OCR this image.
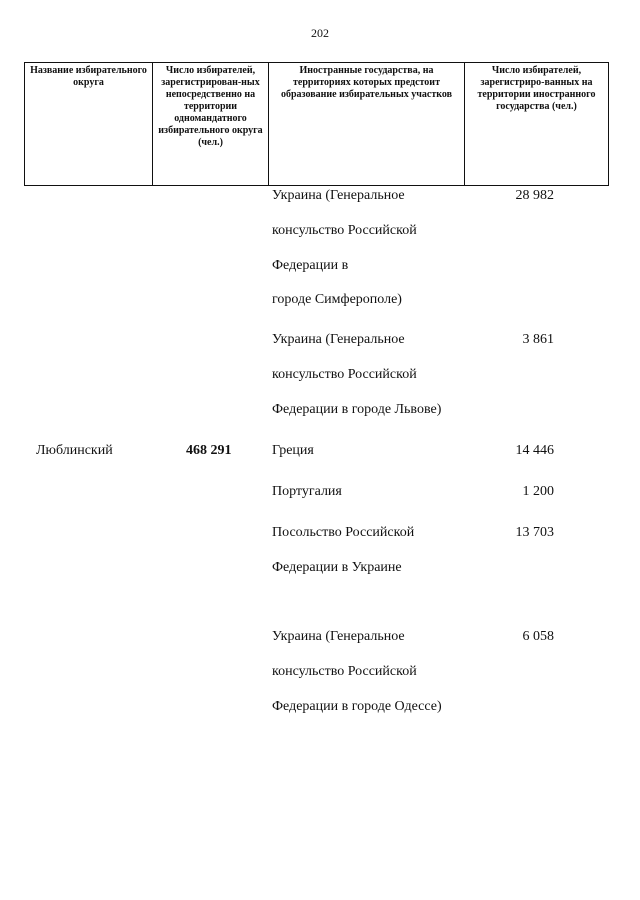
202
Название избирательного округа	Число избирателей, зарегистрирован-ных непосредственно на территории одномандатного избирательного округа (чел.)	Иностранные государства, на территориях которых предстоит образование избирательных участков	Число избирателей, зарегистриро-ванных на территории иностранного государства (чел.)
Украина (Генеральное
консульство Российской
Федерации в
городе Симферополе)
28 982
Украина (Генеральное
консульство Российской
Федерации в городе Львове)
3 861
Люблинский	468 291	Греция	14 446
Португалия	1 200
Посольство Российской
Федерации в Украине
13 703
Украина (Генеральное
консульство Российской
Федерации в городе Одессе)
6 058
